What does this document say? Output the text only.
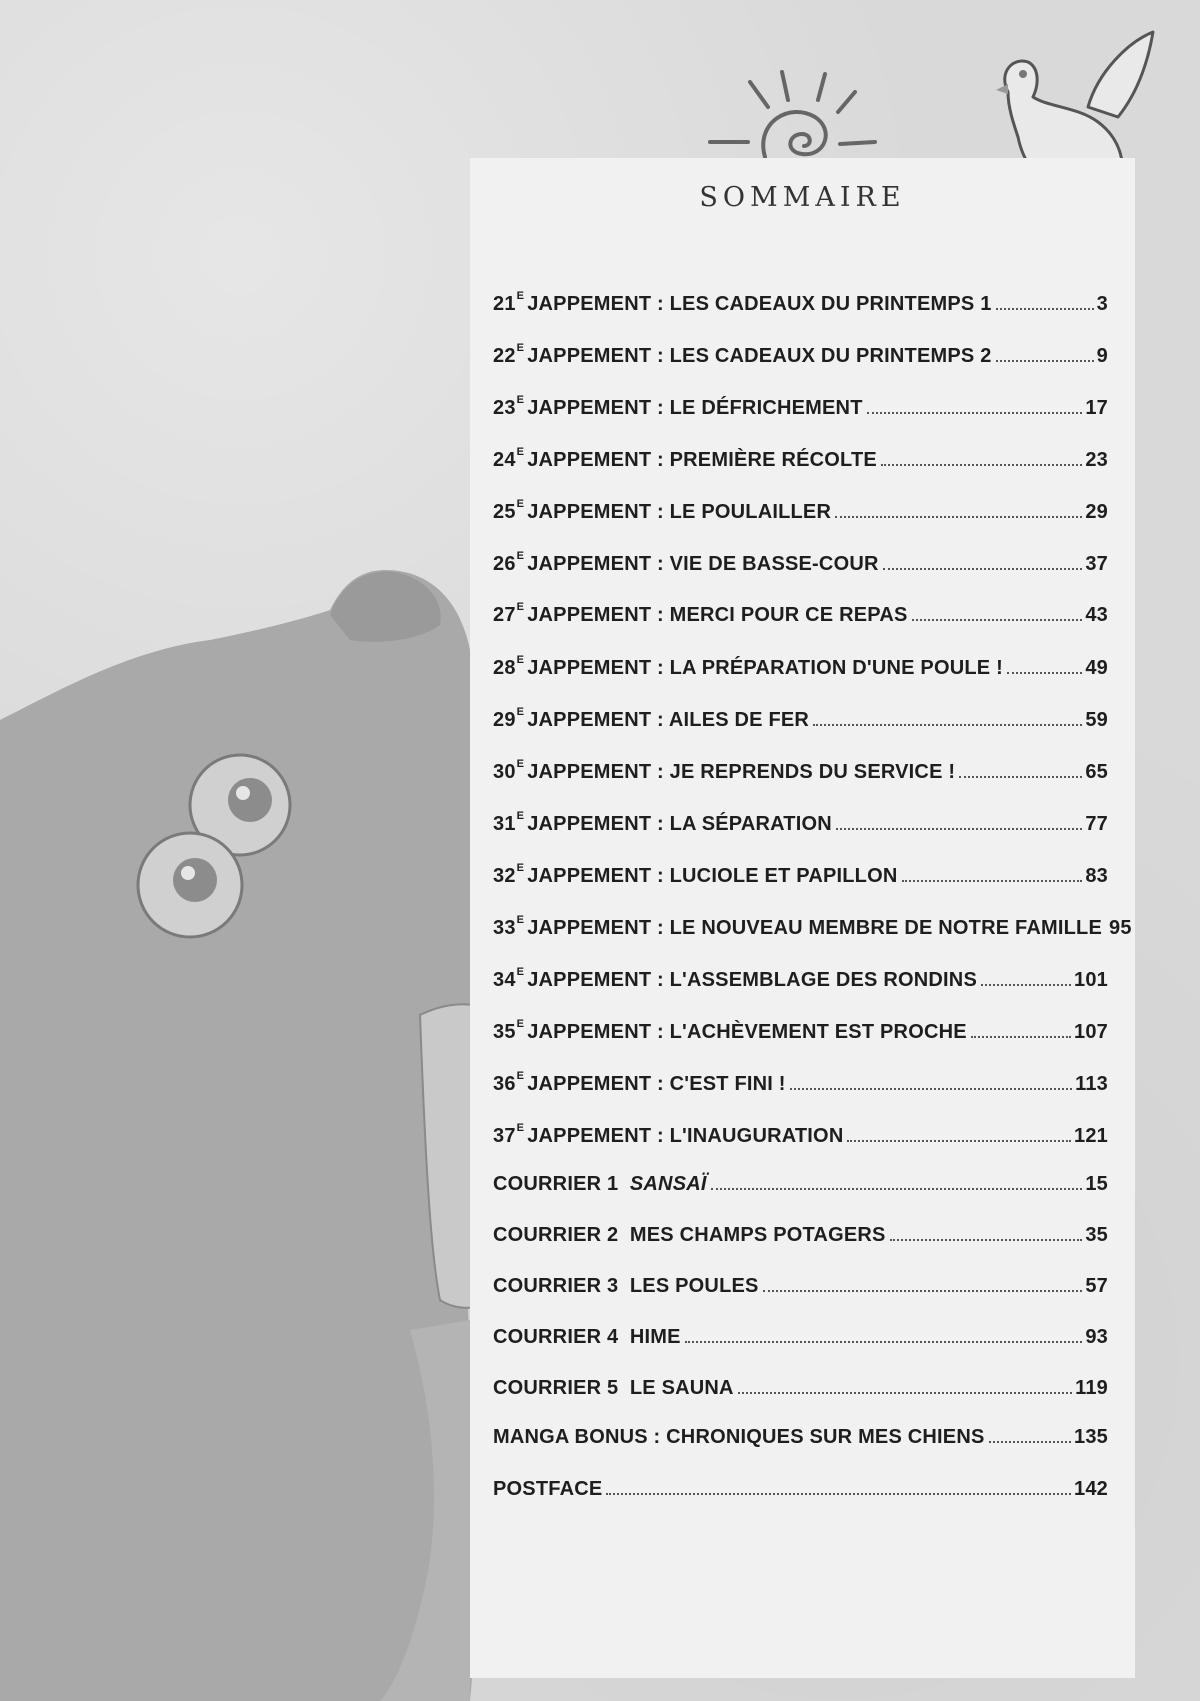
SOMMAIRE
$21^E$ JAPPEMENT : LES CADEAUX DU PRINTEMPS 1	3
$22^E$ JAPPEMENT : LES CADEAUX DU PRINTEMPS 2	9
$23^E$ JAPPEMENT : LE DÉFRICHEMENT	17
$24^E$ JAPPEMENT : PREMIÈRE RÉCOLTE	23
$25^E$ JAPPEMENT : LE POULAILLER	29
$26^E$ JAPPEMENT : VIE DE BASSE-COUR	37
$27^E$ JAPPEMENT : MERCI POUR CE REPAS	43
$28^E$ JAPPEMENT : LA PRÉPARATION D'UNE POULE !	49
$29^E$ JAPPEMENT : AILES DE FER	59
$30^E$ JAPPEMENT : JE REPRENDS DU SERVICE !	65
$31^E$ JAPPEMENT : LA SÉPARATION	77
$32^E$ JAPPEMENT : LUCIOLE ET PAPILLON	83
$33^E$ JAPPEMENT : LE NOUVEAU MEMBRE DE NOTRE FAMILLE 95
$34^E$ JAPPEMENT : L'ASSEMBLAGE DES RONDINS	101
$35^E$ JAPPEMENT : L'ACHÈVEMENT EST PROCHE	107
$36^E$ JAPPEMENT : C'EST FINI !	113
$37^E$ JAPPEMENT : L'INAUGURATION	121
COURRIER 1 SANSAÏ	15
COURRIER 2 MES CHAMPS POTAGERS	35
COURRIER 3 LES POULES	57
COURRIER 4 HIME	93
COURRIER 5 LE SAUNA	119
MANGA BONUS : CHRONIQUES SUR MES CHIENS	135
POSTFACE	142
